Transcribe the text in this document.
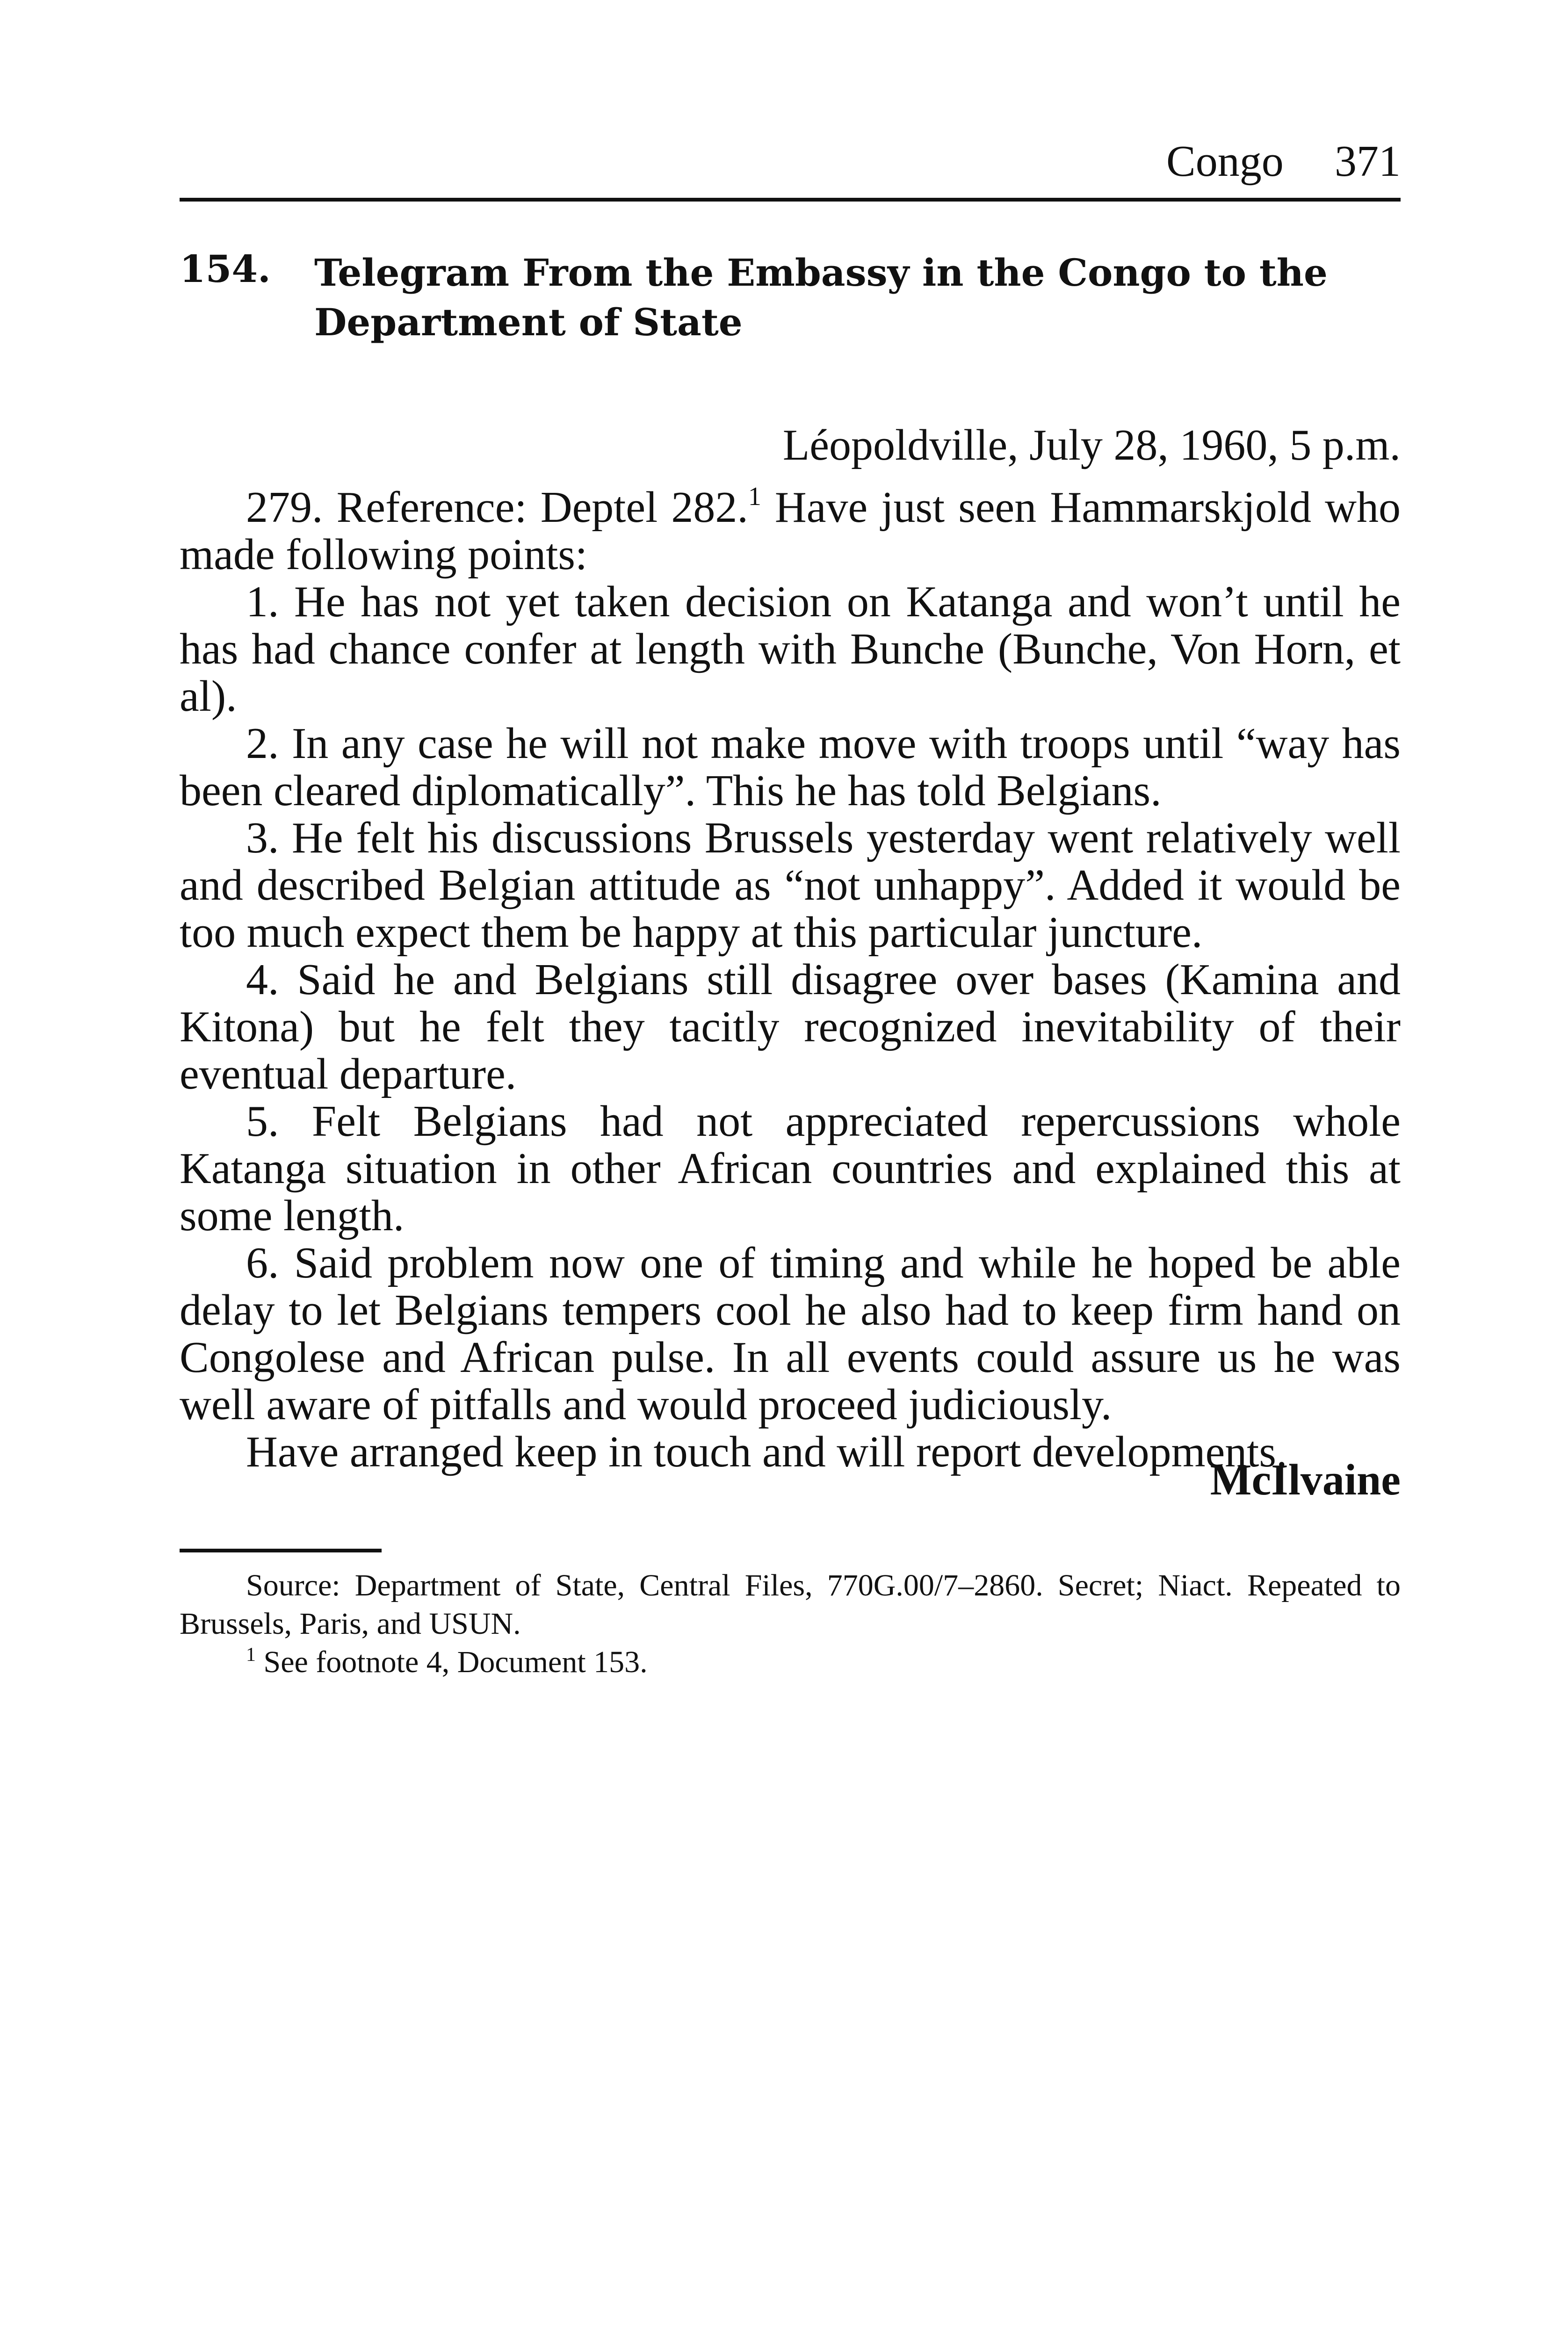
Congo 371
154. Telegram From the Embassy in the Congo to the
Department of State
Léopoldville, July 28, 1960, 5 p.m.

279. Reference: Deptel 282.$^1$ Have just seen Hammarskjold who made following points:

1. He has not yet taken decision on Katanga and won’t until he has had chance confer at length with Bunche (Bunche, Von Horn, et al).

2. In any case he will not make move with troops until “way has been cleared diplomatically”. This he has told Belgians.

3. He felt his discussions Brussels yesterday went relatively well and described Belgian attitude as “not unhappy”. Added it would be too much expect them be happy at this particular juncture.

4. Said he and Belgians still disagree over bases (Kamina and Kitona) but he felt they tacitly recognized inevitability of their eventual departure.

5. Felt Belgians had not appreciated repercussions whole Katanga situation in other African countries and explained this at some length.

6. Said problem now one of timing and while he hoped be able delay to let Belgians tempers cool he also had to keep firm hand on Congolese and African pulse. In all events could assure us he was well aware of pitfalls and would proceed judiciously.

Have arranged keep in touch and will report developments.

McIlvaine

Source: Department of State, Central Files, 770G.00/7–2860. Secret; Niact. Repeated to Brussels, Paris, and USUN.

$^1$ See footnote 4, Document 153.
